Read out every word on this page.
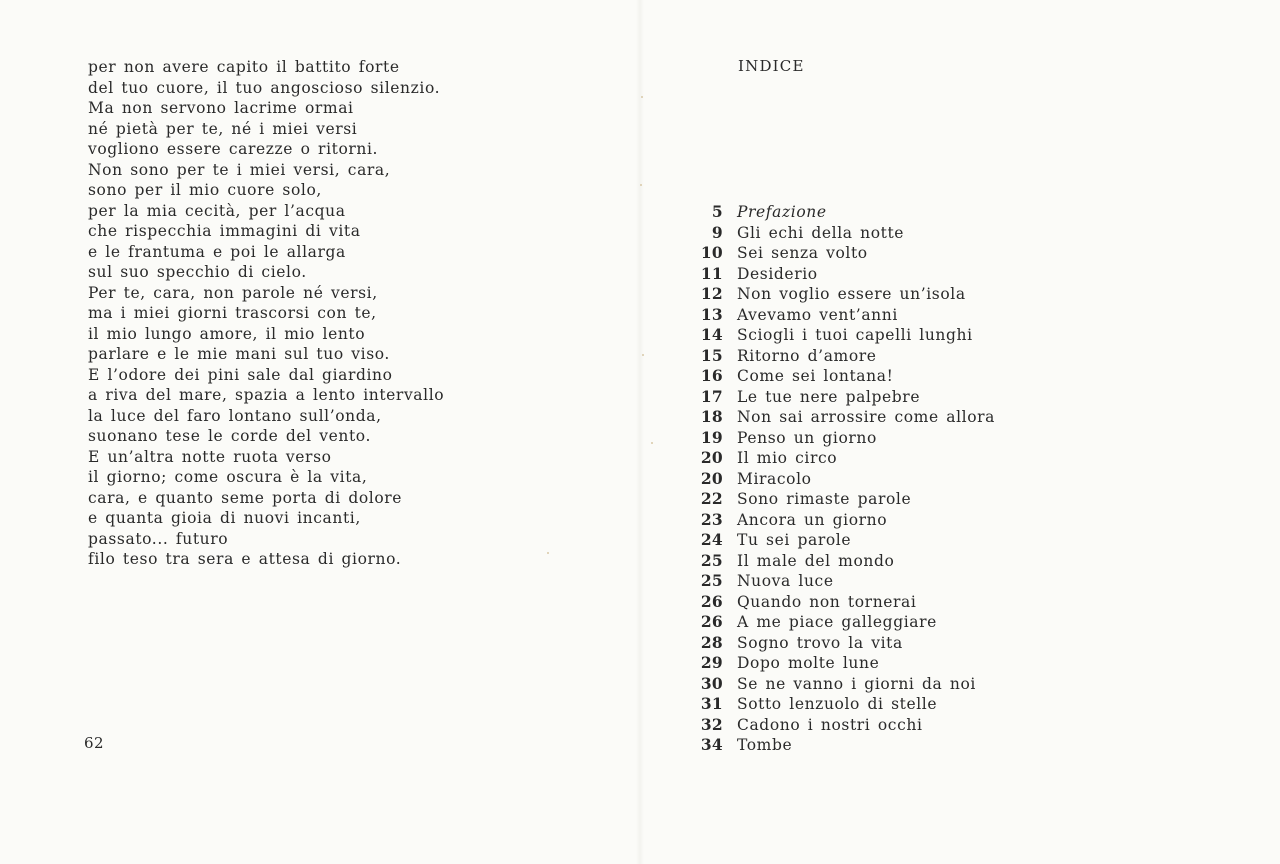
per non avere capito il battito forte
del tuo cuore, il tuo angoscioso silenzio.
Ma non servono lacrime ormai
né pietà per te, né i miei versi
vogliono essere carezze o ritorni.
Non sono per te i miei versi, cara,
sono per il mio cuore solo,
per la mia cecità, per l’acqua
che rispecchia immagini di vita
e le frantuma e poi le allarga
sul suo specchio di cielo.
Per te, cara, non parole né versi,
ma i miei giorni trascorsi con te,
il mio lungo amore, il mio lento
parlare e le mie mani sul tuo viso.
E l’odore dei pini sale dal giardino
a riva del mare, spazia a lento intervallo
la luce del faro lontano sull’onda,
suonano tese le corde del vento.
E un’altra notte ruota verso
il giorno; come oscura è la vita,
cara, e quanto seme porta di dolore
e quanta gioia di nuovi incanti,
passato... futuro
filo teso tra sera e attesa di giorno.
62
INDICE
5 Prefazione
9 Gli echi della notte
10 Sei senza volto
11 Desiderio
12 Non voglio essere un’isola
13 Avevamo vent’anni
14 Sciogli i tuoi capelli lunghi
15 Ritorno d’amore
16 Come sei lontana!
17 Le tue nere palpebre
18 Non sai arrossire come allora
19 Penso un giorno
20 Il mio circo
20 Miracolo
22 Sono rimaste parole
23 Ancora un giorno
24 Tu sei parole
25 Il male del mondo
25 Nuova luce
26 Quando non tornerai
26 A me piace galleggiare
28 Sogno trovo la vita
29 Dopo molte lune
30 Se ne vanno i giorni da noi
31 Sotto lenzuolo di stelle
32 Cadono i nostri occhi
34 Tombe
